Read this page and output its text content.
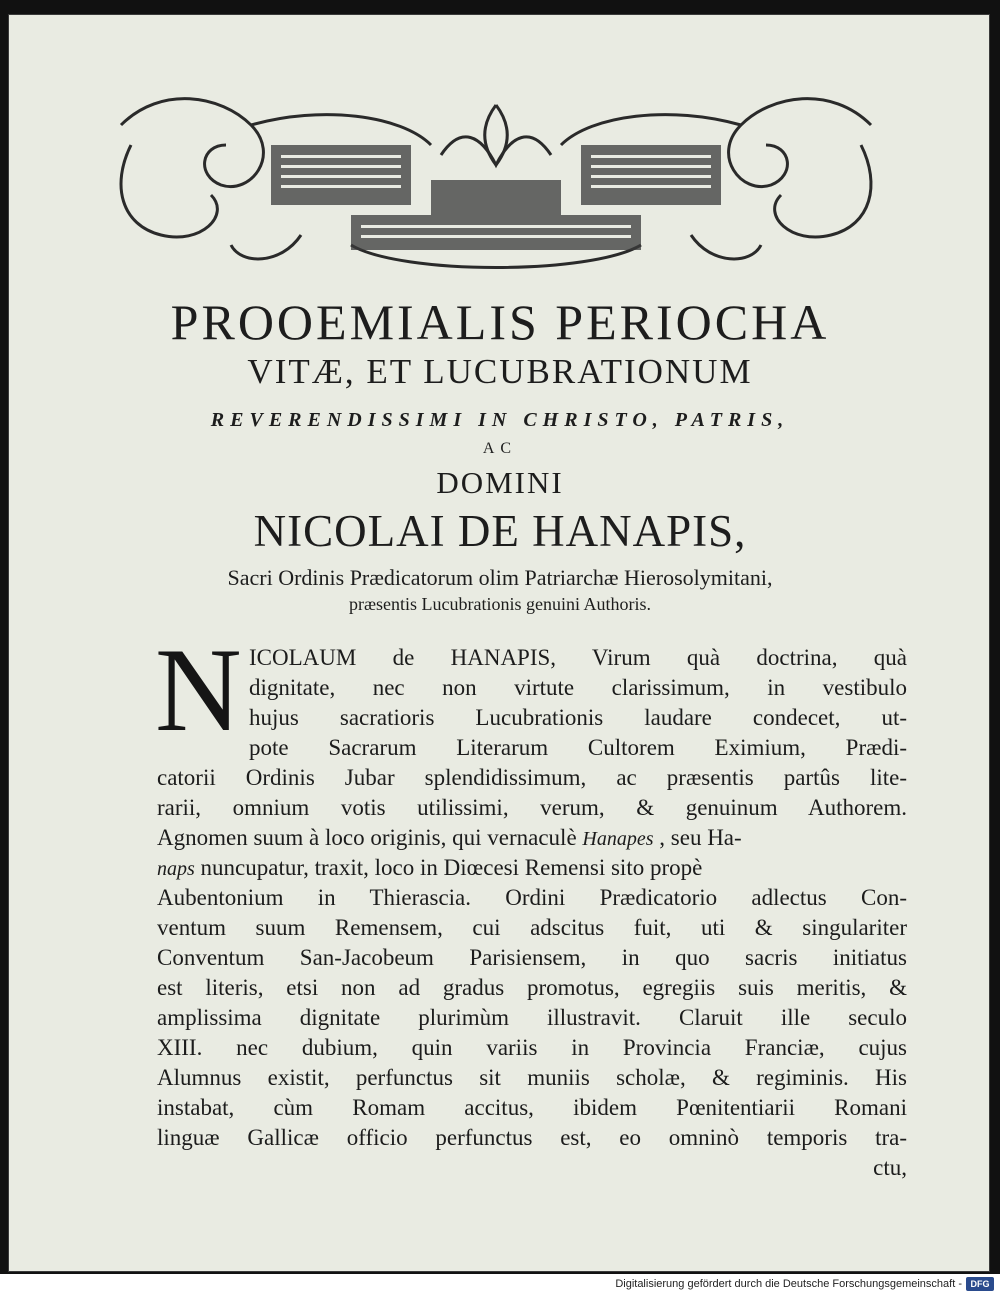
PROOEMIALIS PERIOCHA
VITÆ, ET LUCUBRATIONUM
REVERENDISSIMI IN CHRISTO, PATRIS,
AC
DOMINI
NICOLAI DE HANAPIS,
Sacri Ordinis Prædicatorum olim Patriarchæ Hierosolymitani,
præsentis Lucubrationis genuini Authoris.
N ICOLAUM de HANAPIS, Virum quà doctrina, quà
dignitate, nec non virtute clarissimum, in vestibulo
hujus sacratioris Lucubrationis laudare condecet, ut-
pote Sacrarum Literarum Cultorem Eximium, Prædi-
catorii Ordinis Jubar splendidissimum, ac præsentis partûs lite-
rarii, omnium votis utilissimi, verum, & genuinum Authorem.
Agnomen suum à loco originis, qui vernaculè Hanapes , seu Ha-
naps nuncupatur, traxit, loco in Diœcesi Remensi sito propè
Aubentonium in Thierascia. Ordini Prædicatorio adlectus Con-
ventum suum Remensem, cui adscitus fuit, uti & singulariter
Conventum San-Jacobeum Parisiensem, in quo sacris initiatus
est literis, etsi non ad gradus promotus, egregiis suis meritis, &
amplissima dignitate plurimùm illustravit. Claruit ille seculo
XIII. nec dubium, quin variis in Provincia Franciæ, cujus
Alumnus existit, perfunctus sit muniis scholæ, & regiminis. His
instabat, cùm Romam accitus, ibidem Pœnitentiarii Romani
linguæ Gallicæ officio perfunctus est, eo omninò temporis tra-
ctu,
Digitalisierung gefördert durch die Deutsche Forschungsgemeinschaft - DFG
